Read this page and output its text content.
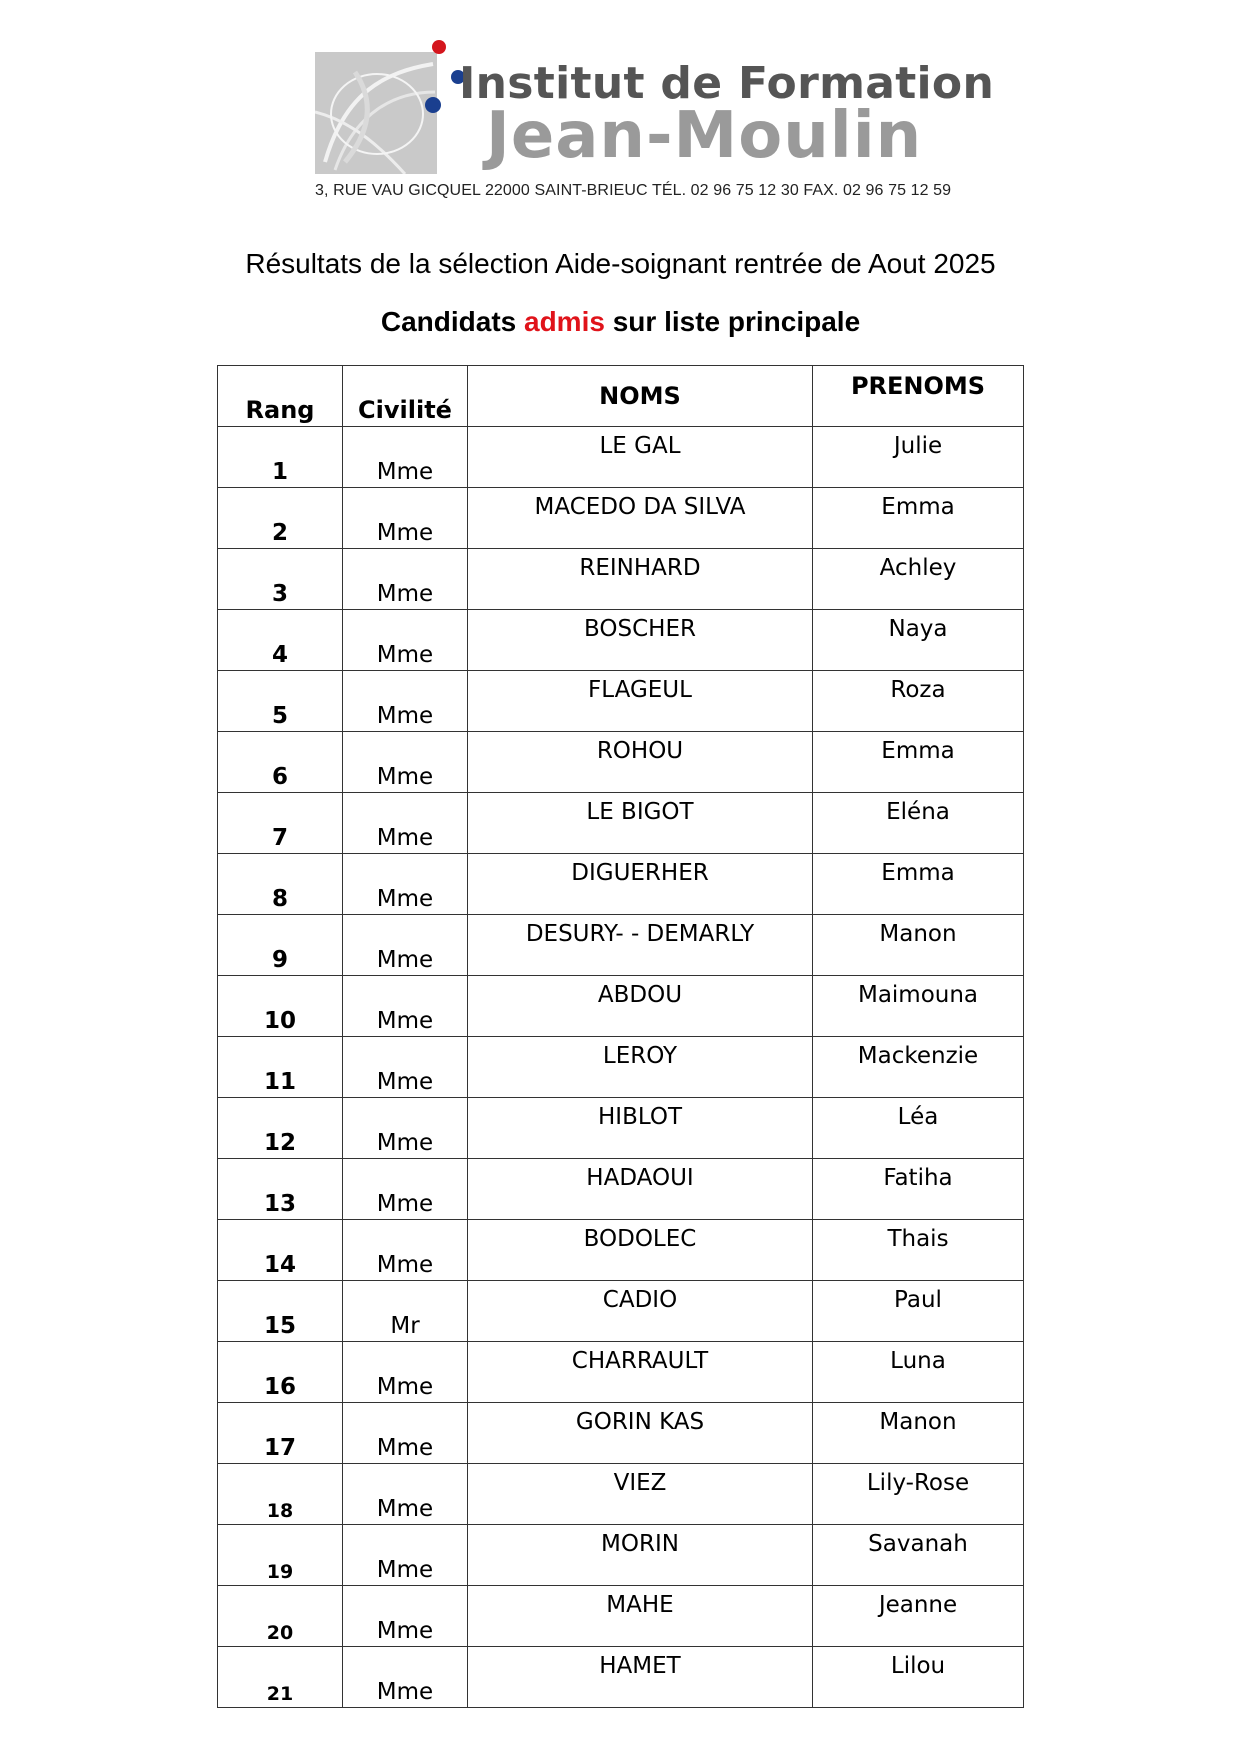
Institut de Formation
Jean-Moulin
3, RUE VAU GICQUEL 22000 SAINT-BRIEUC TÉL. 02 96 75 12 30 FAX. 02 96 75 12 59
Résultats de la sélection Aide-soignant rentrée de Aout 2025
Candidats admis sur liste principale
Rang	Civilité	NOMS	PRENOMS

1	Mme	LE GAL	Julie

2	Mme	MACEDO DA SILVA	Emma

3	Mme	REINHARD	Achley

4	Mme	BOSCHER	Naya

5	Mme	FLAGEUL	Roza

6	Mme	ROHOU	Emma

7	Mme	LE BIGOT	Eléna

8	Mme	DIGUERHER	Emma

9	Mme	DESURY- - DEMARLY	Manon

10	Mme	ABDOU	Maimouna

11	Mme	LEROY	Mackenzie

12	Mme	HIBLOT	Léa

13	Mme	HADAOUI	Fatiha

14	Mme	BODOLEC	Thais

15	Mr	CADIO	Paul

16	Mme	CHARRAULT	Luna

17	Mme	GORIN KAS	Manon

18	Mme	VIEZ	Lily-Rose

19	Mme	MORIN	Savanah

20	Mme	MAHE	Jeanne

21	Mme	HAMET	Lilou
